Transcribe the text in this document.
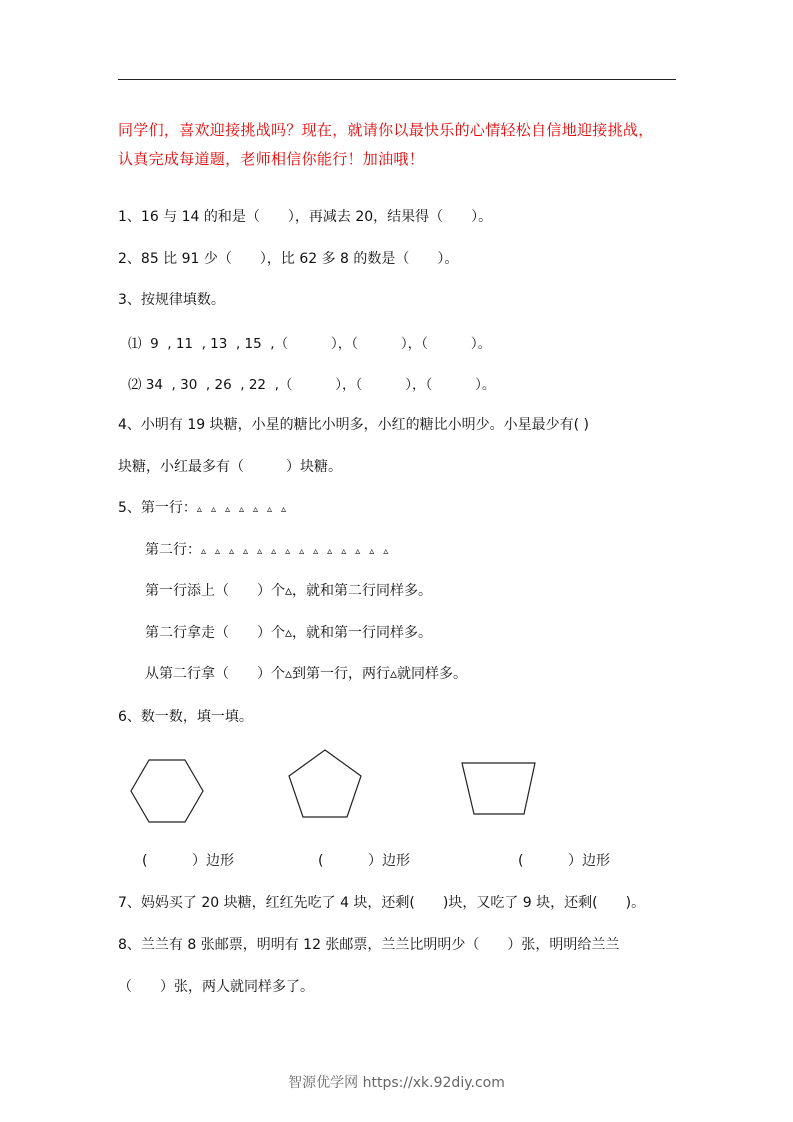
同学们，喜欢迎接挑战吗？现在，就请你以最快乐的心情轻松自信地迎接挑战，
认真完成每道题，老师相信你能行！加油哦！
1、16 与 14 的和是（　　），再减去 20，结果得（　　）。
2、85 比 91 少（　　），比 62 多 8 的数是（　　）。
3、按规律填数。
⑴  9  , 11  , 13  , 15  ,（          ），（          ），（          ）。
⑵ 34  , 30  , 26  , 22  ,（          ），（          ），（          ）。
4、小明有 19 块糖，小星的糖比小明多，小红的糖比小明少。小星最少有( )
块糖，小红最多有（　　　）块糖。
5、第一行：▵▵▵▵▵▵▵
第二行：▵▵▵▵▵▵▵▵▵▵▵▵▵▵
第一行添上（　　）个▵，就和第二行同样多。
第二行拿走（　　）个▵，就和第一行同样多。
从第二行拿（　　）个▵到第一行，两行▵就同样多。
6、数一数，填一填。
(          ）边形	(          ）边形	(          ）边形
7、妈妈买了 20 块糖，红红先吃了 4 块，还剩(　　)块，又吃了 9 块，还剩(　　)。
8、兰兰有 8 张邮票，明明有 12 张邮票，兰兰比明明少（　　）张，明明给兰兰
（　　）张，两人就同样多了。
智源优学网 https://xk.92diy.com
